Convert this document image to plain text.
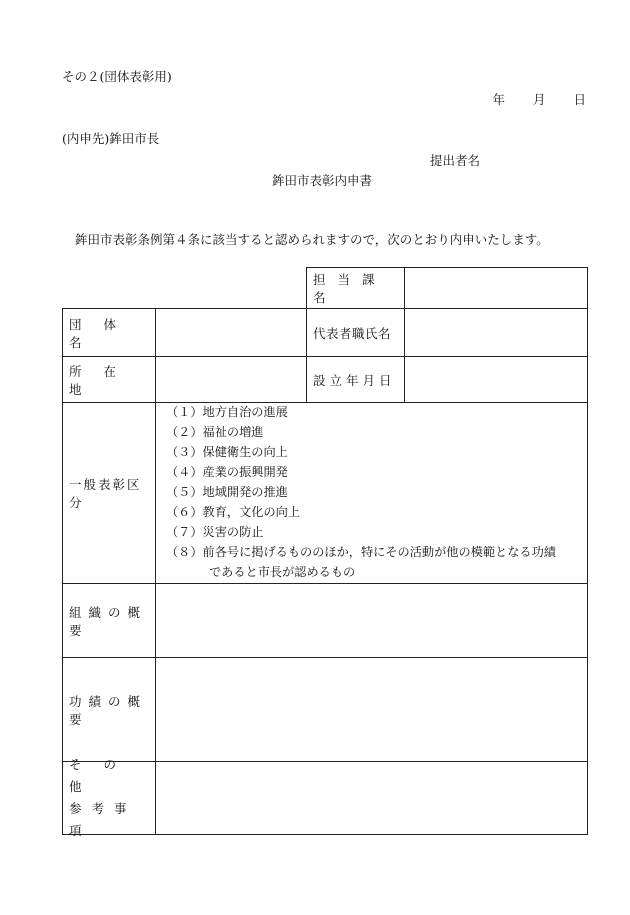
その２(団体表彰用)
年 月 日
(内申先)鉾田市長
提出者名
鉾田市表彰内申書
鉾田市表彰条例第４条に該当すると認められますので，次のとおり内申いたします。
担当課名
団体名
代表者職氏名
所在地
設立年月日
一般表彰区分
（１）地方自治の進展
（２）福祉の増進
（３）保健衛生の向上
（４）産業の振興開発
（５）地域開発の推進
（６）教育，文化の向上
（７）災害の防止
（８）前各号に掲げるもののほか，特にその活動が他の模範となる功績
であると市長が認めるもの
組織の概要
功績の概要
その他
参考事項
